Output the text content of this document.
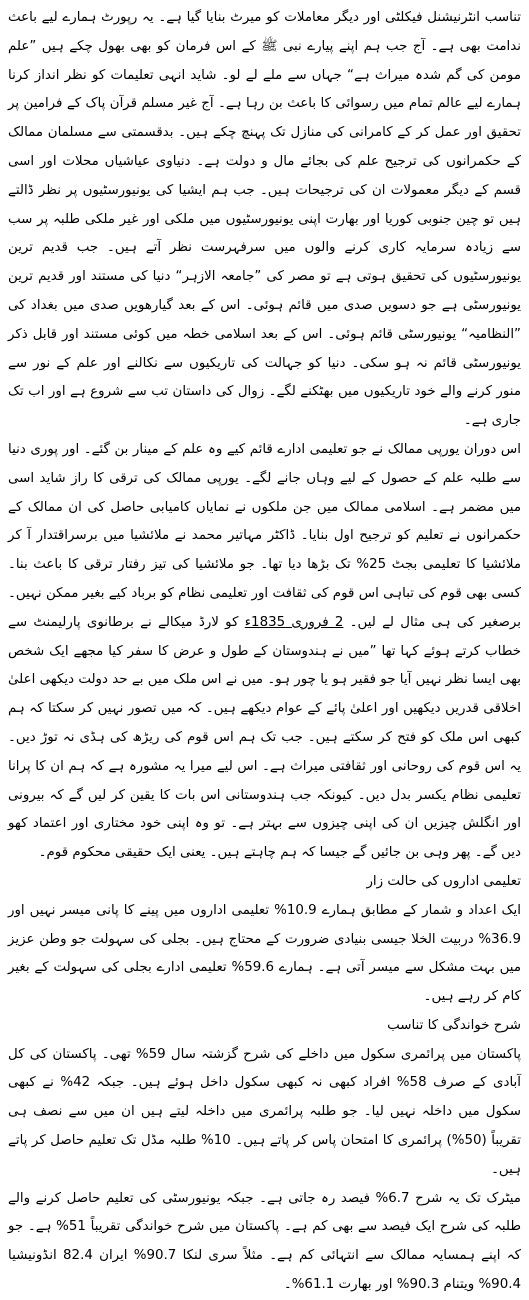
تناسب انٹرنیشنل فیکلٹی اور دیگر معاملات کو میرٹ بنایا گیا ہے۔ یہ رپورٹ ہمارے لیے باعث ندامت بھی ہے۔ آج جب ہم اپنے پیارے نبی ﷺ کے اس فرمان کو بھی بھول چکے ہیں ”علم مومن کی گم شدہ میراث ہے“ جہاں سے ملے لے لو۔ شاید انہی تعلیمات کو نظر انداز کرنا ہمارے لیے عالم تمام میں رسوائی کا باعث بن رہا ہے۔ آج غیر مسلم قرآن پاک کے فرامین پر تحقیق اور عمل کر کے کامرانی کی منازل تک پہنچ چکے ہیں۔ بدقسمتی سے مسلمان ممالک کے حکمرانوں کی ترجیح علم کی بجائے مال و دولت ہے۔ دنیاوی عیاشیاں محلات اور اسی قسم کے دیگر معمولات ان کی ترجیحات ہیں۔ جب ہم ایشیا کی یونیورسٹیوں پر نظر ڈالتے ہیں تو چین جنوبی کوریا اور بھارت اپنی یونیورسٹیوں میں ملکی اور غیر ملکی طلبہ پر سب سے زیادہ سرمایہ کاری کرنے والوں میں سرفہرست نظر آتے ہیں۔ جب قدیم ترین یونیورسٹیوں کی تحقیق ہوتی ہے تو مصر کی ”جامعہ الازہر“ دنیا کی مستند اور قدیم ترین یونیورسٹی ہے جو دسویں صدی میں قائم ہوئی۔ اس کے بعد گیارھویں صدی میں بغداد کی ”النظامیہ“ یونیورسٹی قائم ہوئی۔ اس کے بعد اسلامی خطہ میں کوئی مستند اور قابل ذکر یونیورسٹی قائم نہ ہو سکی۔ دنیا کو جہالت کی تاریکیوں سے نکالنے اور علم کے نور سے منور کرنے والے خود تاریکیوں میں بھٹکنے لگے۔ زوال کی داستان تب سے شروع ہے اور اب تک جاری ہے۔

اس دوران یورپی ممالک نے جو تعلیمی ادارے قائم کیے وہ علم کے مینار بن گئے۔ اور پوری دنیا سے طلبہ علم کے حصول کے لیے وہاں جانے لگے۔ یورپی ممالک کی ترقی کا راز شاید اسی میں مضمر ہے۔ اسلامی ممالک میں جن ملکوں نے نمایاں کامیابی حاصل کی ان ممالک کے حکمرانوں نے تعلیم کو ترجیح اول بنایا۔ ڈاکٹر مہاتیر محمد نے ملائشیا میں برسراقتدار آ کر ملائشیا کا تعلیمی بجٹ 25% تک بڑھا دیا تھا۔ جو ملائشیا کی تیز رفتار ترقی کا باعث بنا۔ کسی بھی قوم کی تباہی اس قوم کی ثقافت اور تعلیمی نظام کو برباد کیے بغیر ممکن نہیں۔ برصغیر کی ہی مثال لے لیں۔ 2 فروری 1835ء کو لارڈ میکالے نے برطانوی پارلیمنٹ سے خطاب کرتے ہوئے کہا تھا ”میں نے ہندوستان کے طول و عرض کا سفر کیا مجھے ایک شخص بھی ایسا نظر نہیں آیا جو فقیر ہو یا چور ہو۔ میں نے اس ملک میں بے حد دولت دیکھی اعلیٰ اخلاقی قدریں دیکھیں اور اعلیٰ پائے کے عوام دیکھے ہیں۔ کہ میں تصور نہیں کر سکتا کہ ہم کبھی اس ملک کو فتح کر سکتے ہیں۔ جب تک ہم اس قوم کی ریڑھ کی ہڈی نہ توڑ دیں۔ یہ اس قوم کی روحانی اور ثقافتی میراث ہے۔ اس لیے میرا یہ مشورہ ہے کہ ہم ان کا پرانا تعلیمی نظام یکسر بدل دیں۔ کیونکہ جب ہندوستانی اس بات کا یقین کر لیں گے کہ بیرونی اور انگلش چیزیں ان کی اپنی چیزوں سے بہتر ہے۔ تو وہ اپنی خود مختاری اور اعتماد کھو دیں گے۔ پھر وہی بن جائیں گے جیسا کہ ہم چاہتے ہیں۔ یعنی ایک حقیقی محکوم قوم۔

تعلیمی اداروں کی حالت زار

ایک اعداد و شمار کے مطابق ہمارے 10.9% تعلیمی اداروں میں پینے کا پانی میسر نہیں اور 36.9% دربیت الخلا جیسی بنیادی ضرورت کے محتاج ہیں۔ بجلی کی سہولت جو وطن عزیز میں بہت مشکل سے میسر آتی ہے۔ ہمارے 59.6% تعلیمی ادارے بجلی کی سہولت کے بغیر کام کر رہے ہیں۔

شرح خواندگی کا تناسب

پاکستان میں پرائمری سکول میں داخلے کی شرح گزشتہ سال 59% تھی۔ پاکستان کی کل آبادی کے صرف 58% افراد کبھی نہ کبھی سکول داخل ہوئے ہیں۔ جبکہ 42% نے کبھی سکول میں داخلہ نہیں لیا۔ جو طلبہ پرائمری میں داخلہ لیتے ہیں ان میں سے نصف ہی تقریباً (50%) پرائمری کا امتحان پاس کر پاتے ہیں۔ 10% طلبہ مڈل تک تعلیم حاصل کر پاتے ہیں۔

میٹرک تک یہ شرح 6.7% فیصد رہ جاتی ہے۔ جبکہ یونیورسٹی کی تعلیم حاصل کرنے والے طلبہ کی شرح ایک فیصد سے بھی کم ہے۔ پاکستان میں شرح خواندگی تقریباً 51% ہے۔ جو کہ اپنے ہمسایہ ممالک سے انتہائی کم ہے۔ مثلاً سری لنکا 90.7% ایران 82.4 انڈونیشیا 90.4% ویتنام 90.3% اور بھارت 61.1%۔
